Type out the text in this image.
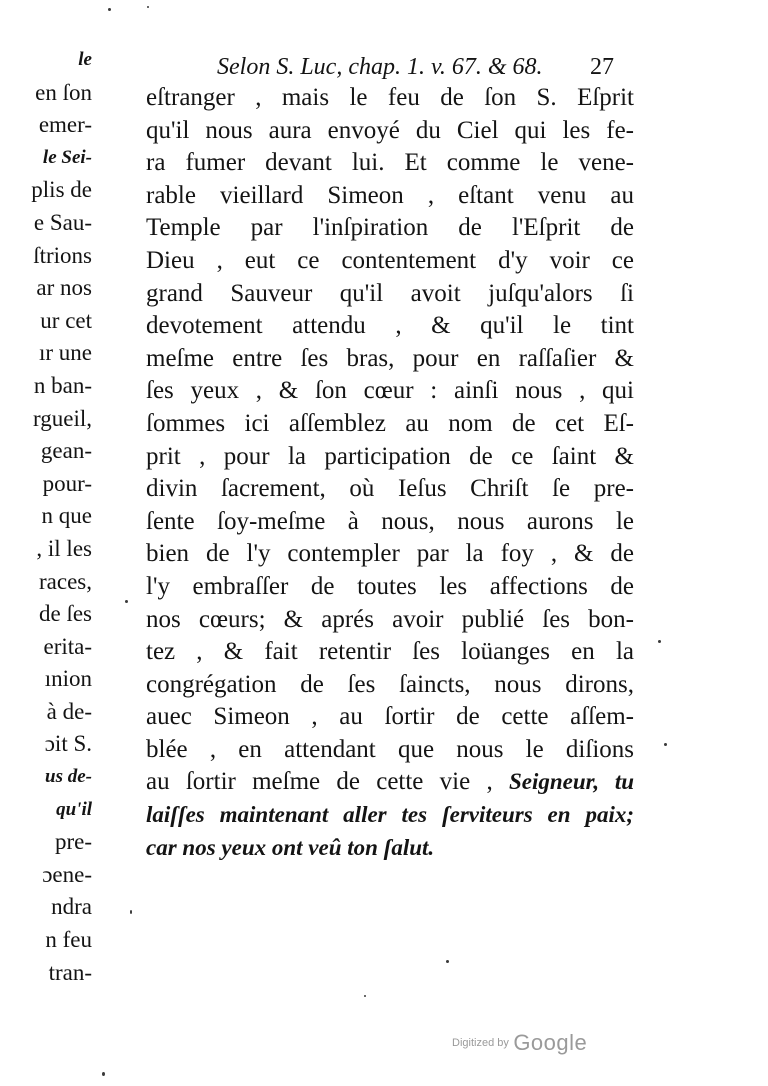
le
en ſon
emer-
le Sei-
plis de
e Sau-
ſtrions
ar nos
ur cet
ır une
n ban-
rgueil,
gean-
pour-
n que
, il les
races,
de ſes
erita-
ınion
à de-
ɔit S.
us de-
qu'il
pre-
ɔene-
ndra
n feu
tran-
Selon S. Luc, chap. 1. v. 67. & 68.	27
eſtranger , mais le feu de ſon S. Eſprit
qu'il nous aura envoyé du Ciel qui les fe-
ra fumer devant lui. Et comme le vene-
rable vieillard Simeon , eſtant venu au
Temple par l'inſpiration de l'Eſprit de
Dieu , eut ce contentement d'y voir ce
grand Sauveur qu'il avoit juſqu'alors ſi
devotement attendu , & qu'il le tint
meſme entre ſes bras, pour en raſſaſier &
ſes yeux , & ſon cœur : ainſi nous , qui
ſommes ici aſſemblez au nom de cet Eſ-
prit , pour la participation de ce ſaint &
divin ſacrement, où Ieſus Chriſt ſe pre-
ſente ſoy-meſme à nous, nous aurons le
bien de l'y contempler par la foy , & de
l'y embraſſer de toutes les affections de
nos cœurs; & aprés avoir publié ſes bon-
tez , & fait retentir ſes loüanges en la
congrégation de ſes ſaincts, nous dirons,
auec Simeon , au ſortir de cette aſſem-
blée , en attendant que nous le diſions
au ſortir meſme de cette vie , Seigneur, tu
laiſſes maintenant aller tes ſerviteurs en paix;
car nos yeux ont veû ton ſalut.
Digitized by Google
